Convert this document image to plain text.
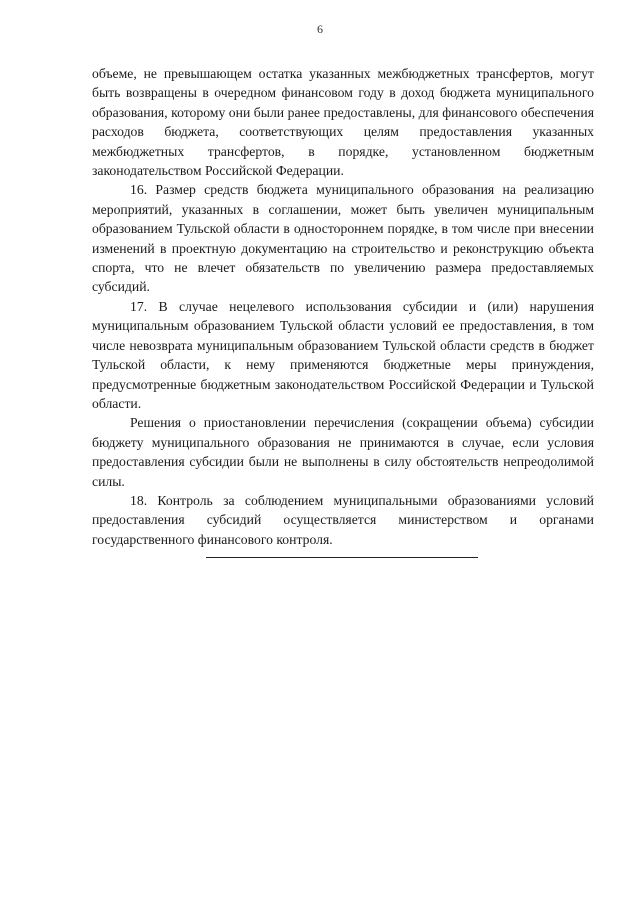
6

объеме, не превышающем остатка указанных межбюджетных трансфертов, могут быть возвращены в очередном финансовом году в доход бюджета муниципального образования, которому они были ранее предоставлены, для финансового обеспечения расходов бюджета, соответствующих целям предоставления указанных межбюджетных трансфертов, в порядке, установленном бюджетным законодательством Российской Федерации.

16. Размер средств бюджета муниципального образования на реализацию мероприятий, указанных в соглашении, может быть увеличен муниципальным образованием Тульской области в одностороннем порядке, в том числе при внесении изменений в проектную документацию на строительство и реконструкцию объекта спорта, что не влечет обязательств по увеличению размера предоставляемых субсидий.

17. В случае нецелевого использования субсидии и (или) нарушения муниципальным образованием Тульской области условий ее предоставления, в том числе невозврата муниципальным образованием Тульской области средств в бюджет Тульской области, к нему применяются бюджетные меры принуждения, предусмотренные бюджетным законодательством Российской Федерации и Тульской области.

Решения о приостановлении перечисления (сокращении объема) субсидии бюджету муниципального образования не принимаются в случае, если условия предоставления субсидии были не выполнены в силу обстоятельств непреодолимой силы.

18. Контроль за соблюдением муниципальными образованиями условий предоставления субсидий осуществляется министерством и органами государственного финансового контроля.
